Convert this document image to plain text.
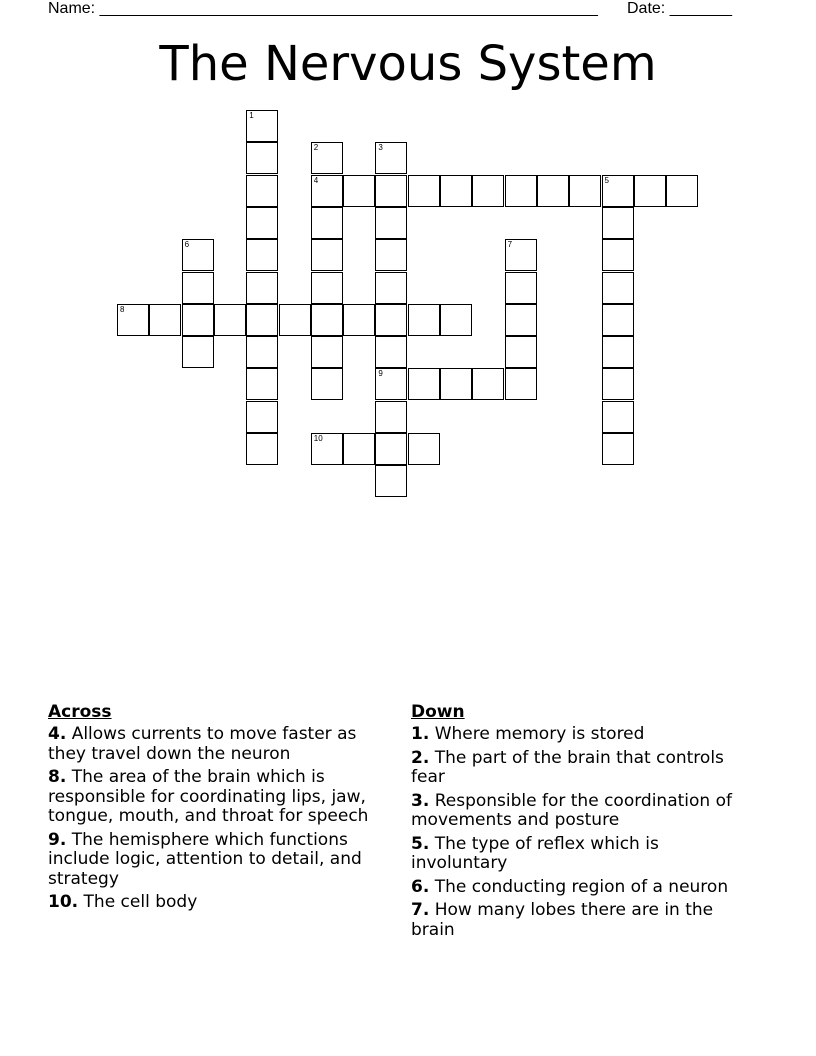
Name: ________________________________________________________ Date: _______
The Nervous System
1
2
4
3
9
5
6	7
8
10
Across
4. Allows currents to move faster as they travel down the neuron
8. The area of the brain which is responsible for coordinating lips, jaw, tongue, mouth, and throat for speech
9. The hemisphere which functions include logic, attention to detail, and strategy
10. The cell body
Down
1. Where memory is stored
2. The part of the brain that controls fear
3. Responsible for the coordination of movements and posture
5. The type of reflex which is involuntary
6. The conducting region of a neuron
7. How many lobes there are in the brain
